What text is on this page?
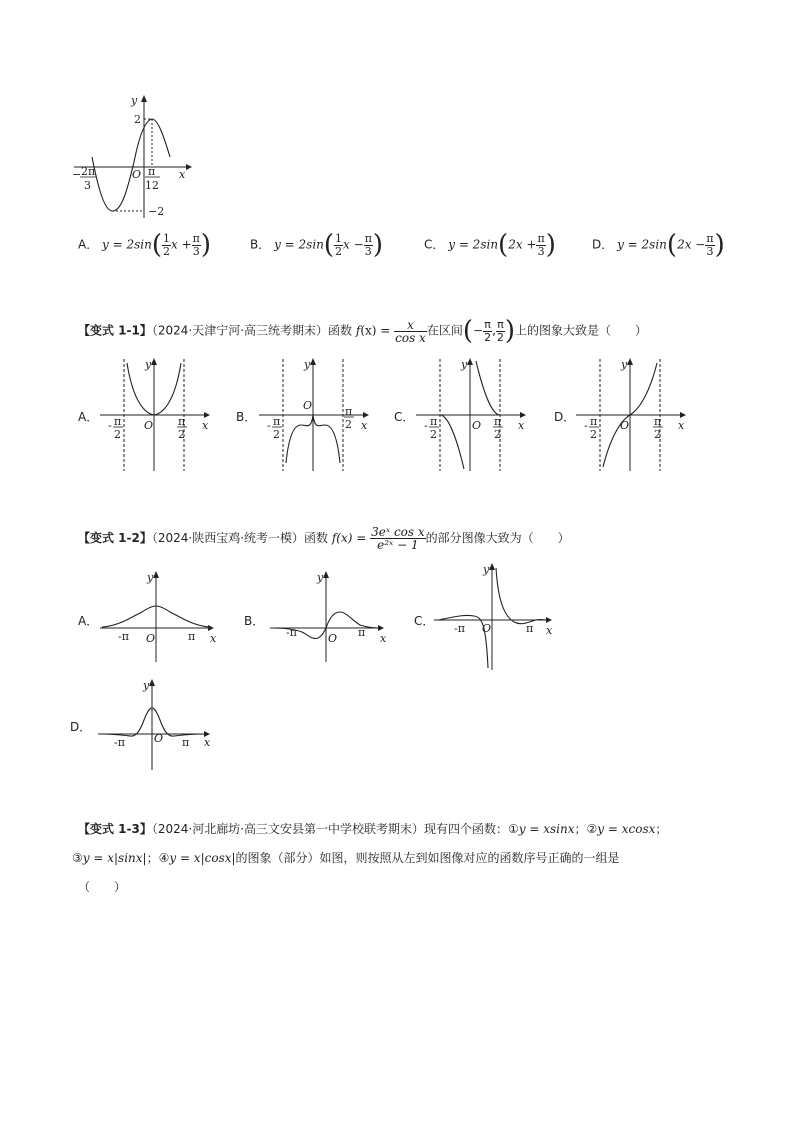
y
x
O
2
−2
− 2π
3
π
12
A． $y = 2\sin( \frac{1}{2}$ $x + \frac{\pi}{3}$ )	B． $y = 2\sin( \frac{1}{2}$ $x - \frac{\pi}{3}$ )	C． $y = 2\sin(2x + \frac{\pi}{3}$ )	D． $y = 2\sin(2x - \frac{\pi}{3}$ )
【变式 1-1】（2024·天津宁河·高三统考期末）函数 $f(x) = \frac{x}{\text{cos x}}$ 在区间(− $\frac{\pi}{2}$ , $\frac{\pi}{2}$ )上的图象大致是（　　）
A．	B．	C．	D．
y
x
O
- π
2
π
2
y
x
O
- π
2
π
2
y
x
O
- π
2
π
2
y
x
O
- π
2
π
2
【变式 1-2】（2024·陕西宝鸡·统考一模）函数 $f(x) = \frac{\text{3eˣ cos x}}{\text{e²ˣ − 1}}$ 的部分图像大致为（　　）
A．	B．	C．
D．
y
x
O
-π	π
y
x
O
-π	π
y
x
O
-π	π
y
x
O
-π	π
【变式 1-3】（2024·河北廊坊·高三文安县第一中学校联考期末）现有四个函数：①y = xsinx；②y = xcosx；
③y = x|sinx|；④y = x|cosx|的图象（部分）如图，则按照从左到如图像对应的函数序号正确的一组是
（　　）
